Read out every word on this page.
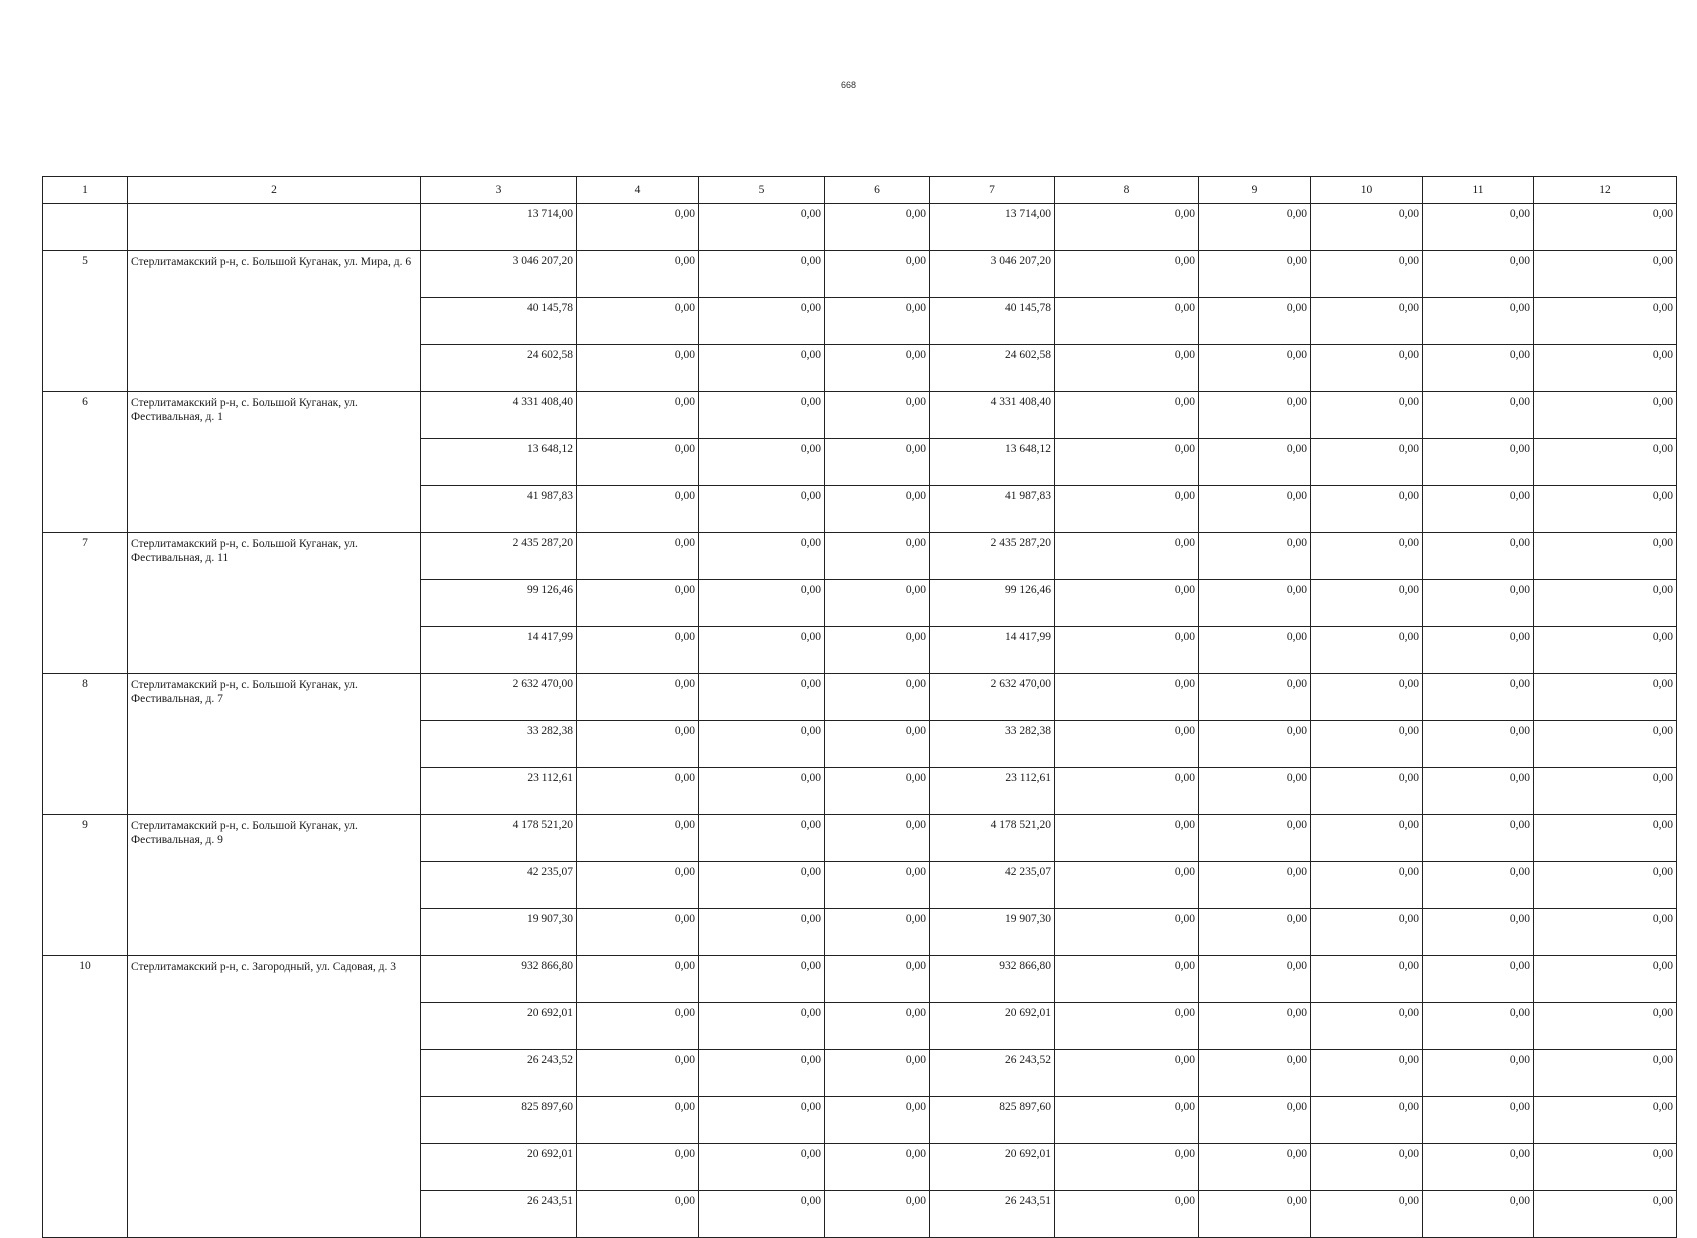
668
1	2	3	4	5	6	7	8	9	10	11	12
		13 714,00	0,00	0,00	0,00	13 714,00	0,00	0,00	0,00	0,00	0,00
5	Стерлитамакский р-н, с. Большой Куганак, ул. Мира, д. 6	3 046 207,20	0,00	0,00	0,00	3 046 207,20	0,00	0,00	0,00	0,00	0,00
		40 145,78	0,00	0,00	0,00	40 145,78	0,00	0,00	0,00	0,00	0,00
		24 602,58	0,00	0,00	0,00	24 602,58	0,00	0,00	0,00	0,00	0,00
6	Стерлитамакский р-н, с. Большой Куганак, ул. Фестивальная, д. 1	4 331 408,40	0,00	0,00	0,00	4 331 408,40	0,00	0,00	0,00	0,00	0,00
		13 648,12	0,00	0,00	0,00	13 648,12	0,00	0,00	0,00	0,00	0,00
		41 987,83	0,00	0,00	0,00	41 987,83	0,00	0,00	0,00	0,00	0,00
7	Стерлитамакский р-н, с. Большой Куганак, ул. Фестивальная, д. 11	2 435 287,20	0,00	0,00	0,00	2 435 287,20	0,00	0,00	0,00	0,00	0,00
		99 126,46	0,00	0,00	0,00	99 126,46	0,00	0,00	0,00	0,00	0,00
		14 417,99	0,00	0,00	0,00	14 417,99	0,00	0,00	0,00	0,00	0,00
8	Стерлитамакский р-н, с. Большой Куганак, ул. Фестивальная, д. 7	2 632 470,00	0,00	0,00	0,00	2 632 470,00	0,00	0,00	0,00	0,00	0,00
		33 282,38	0,00	0,00	0,00	33 282,38	0,00	0,00	0,00	0,00	0,00
		23 112,61	0,00	0,00	0,00	23 112,61	0,00	0,00	0,00	0,00	0,00
9	Стерлитамакский р-н, с. Большой Куганак, ул. Фестивальная, д. 9	4 178 521,20	0,00	0,00	0,00	4 178 521,20	0,00	0,00	0,00	0,00	0,00
		42 235,07	0,00	0,00	0,00	42 235,07	0,00	0,00	0,00	0,00	0,00
		19 907,30	0,00	0,00	0,00	19 907,30	0,00	0,00	0,00	0,00	0,00
10	Стерлитамакский р-н, с. Загородный, ул. Садовая, д. 3	932 866,80	0,00	0,00	0,00	932 866,80	0,00	0,00	0,00	0,00	0,00
		20 692,01	0,00	0,00	0,00	20 692,01	0,00	0,00	0,00	0,00	0,00
		26 243,52	0,00	0,00	0,00	26 243,52	0,00	0,00	0,00	0,00	0,00
		825 897,60	0,00	0,00	0,00	825 897,60	0,00	0,00	0,00	0,00	0,00
		20 692,01	0,00	0,00	0,00	20 692,01	0,00	0,00	0,00	0,00	0,00
		26 243,51	0,00	0,00	0,00	26 243,51	0,00	0,00	0,00	0,00	0,00
